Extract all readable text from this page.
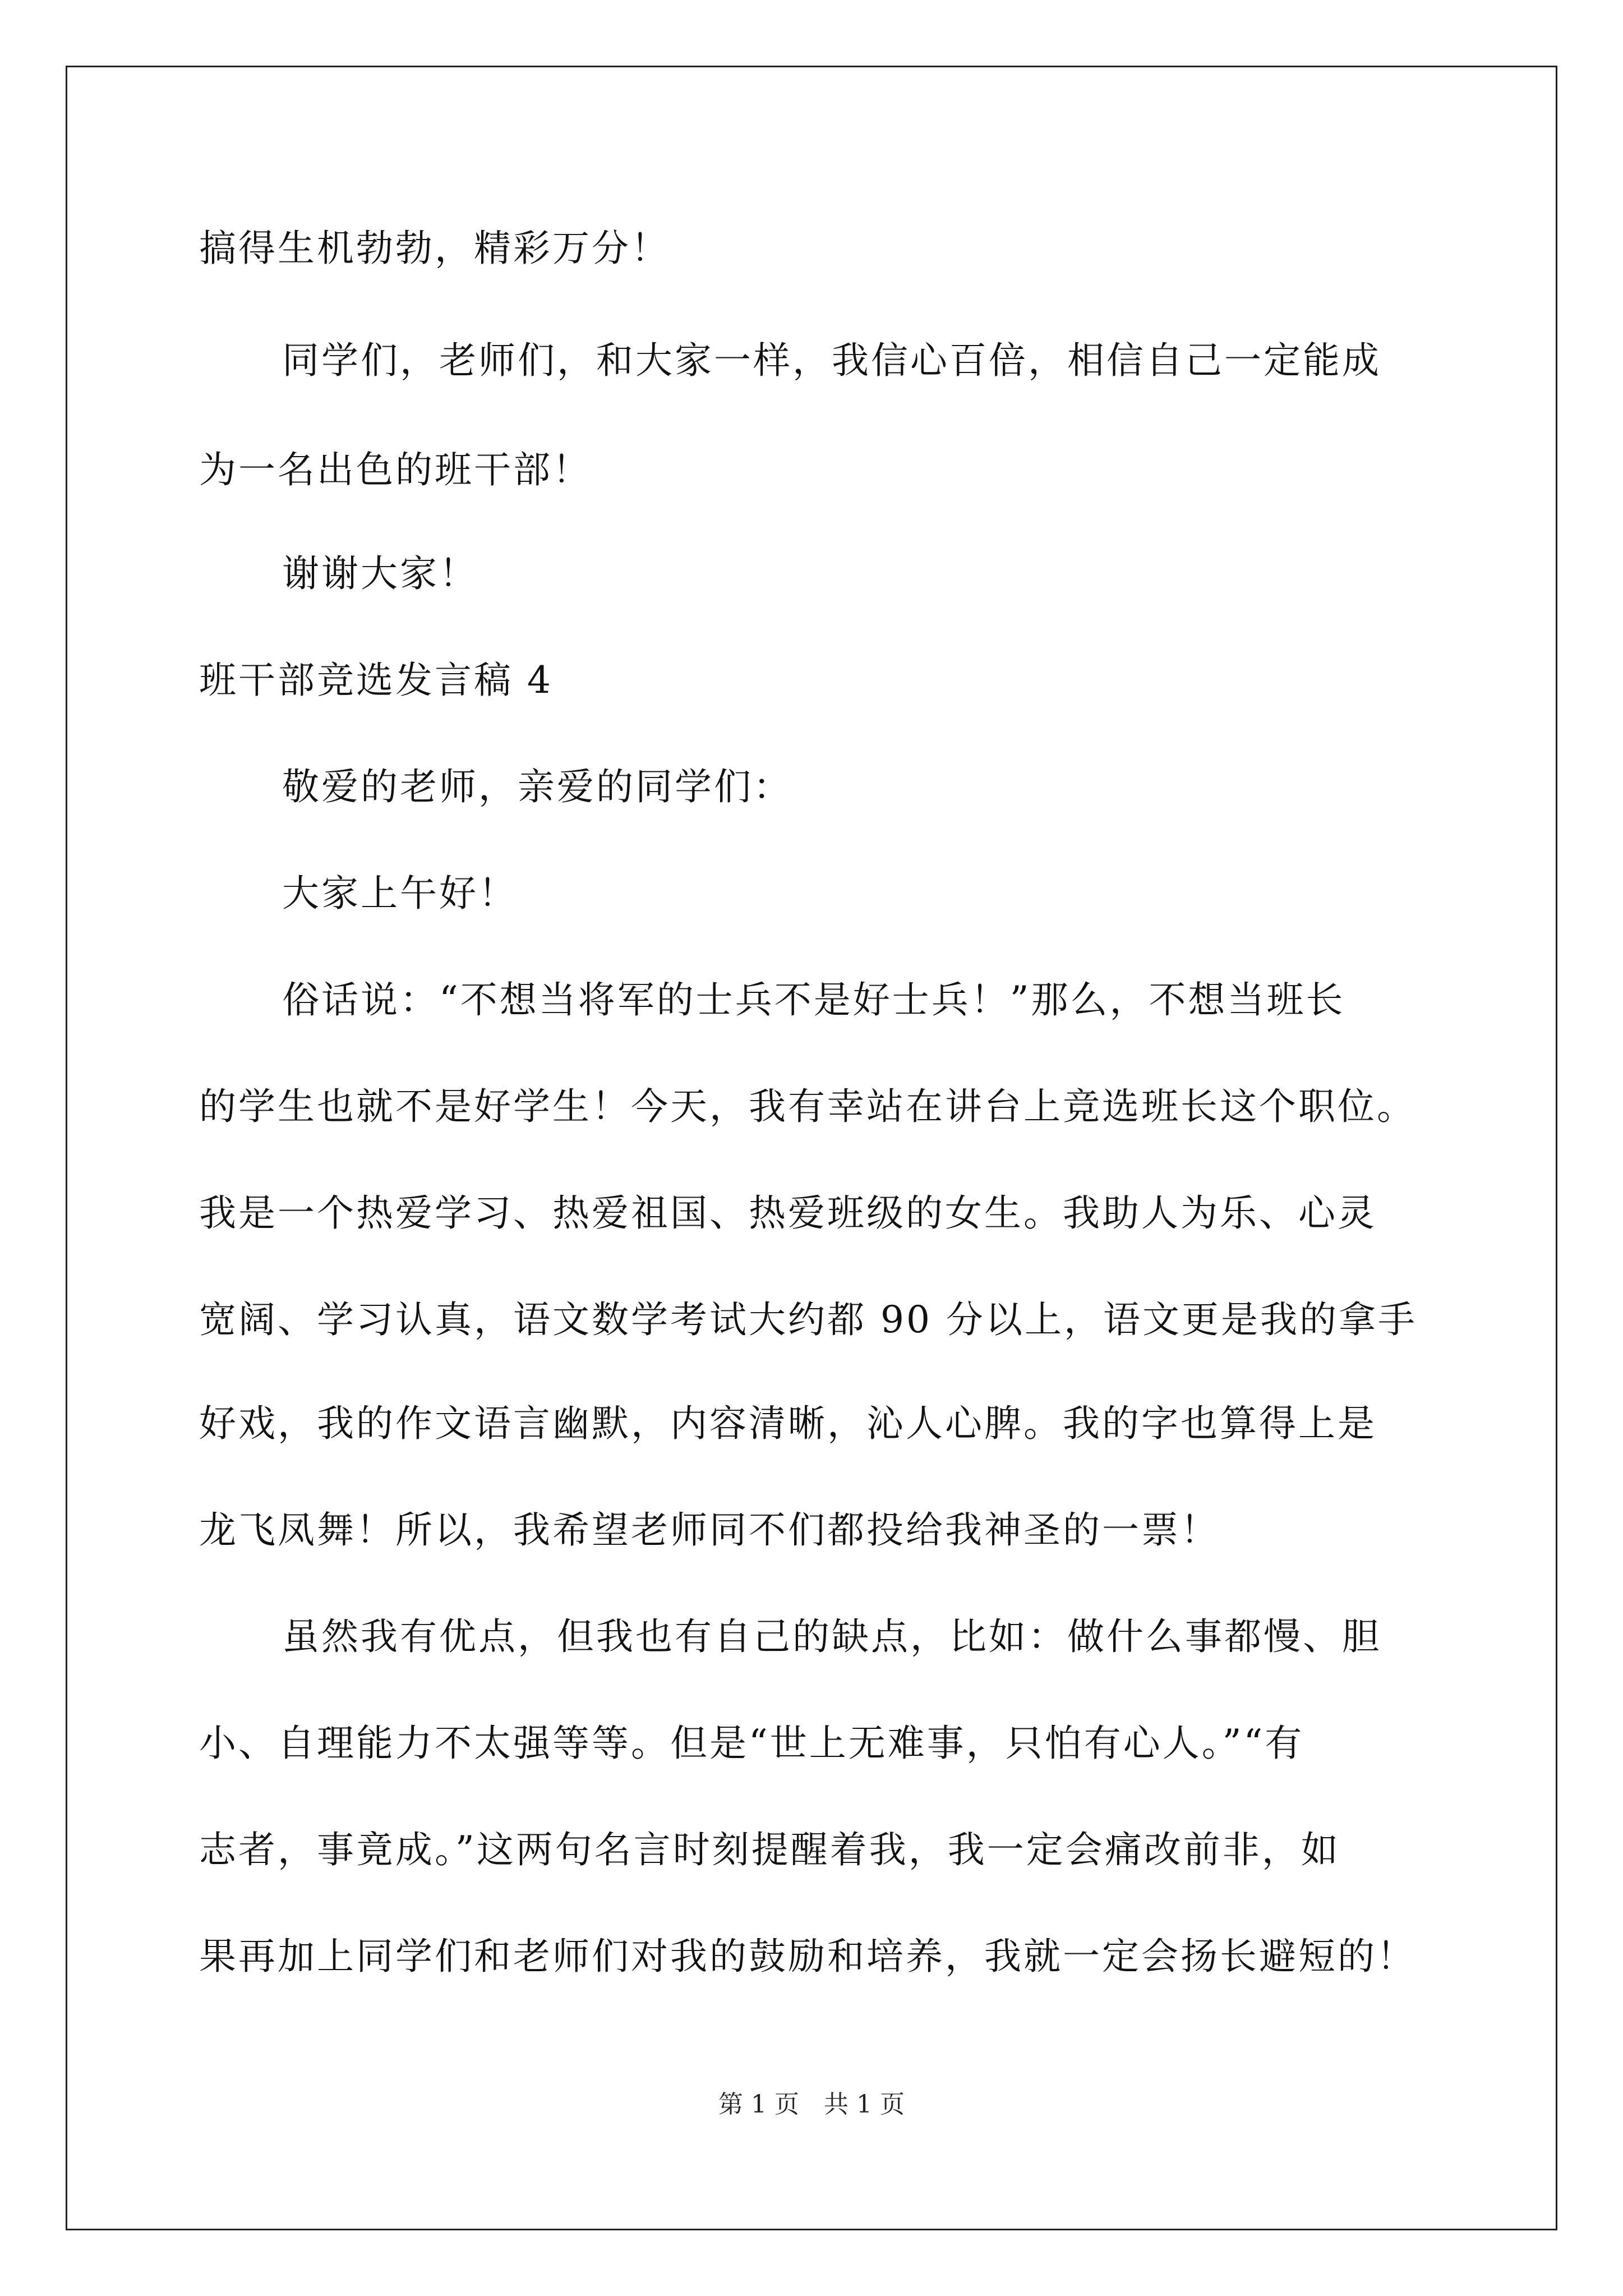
搞得生机勃勃，精彩万分！
同学们，老师们，和大家一样，我信心百倍，相信自己一定能成
为一名出色的班干部！
谢谢大家！
班干部竞选发言稿 4
敬爱的老师，亲爱的同学们：
大家上午好！
俗话说：“不想当将军的士兵不是好士兵！”那么，不想当班长
的学生也就不是好学生！今天，我有幸站在讲台上竞选班长这个职位。
我是一个热爱学习、热爱祖国、热爱班级的女生。我助人为乐、心灵
宽阔、学习认真，语文数学考试大约都 90 分以上，语文更是我的拿手
好戏，我的作文语言幽默，内容清晰，沁人心脾。我的字也算得上是
龙飞凤舞！所以，我希望老师同不们都投给我神圣的一票！
虽然我有优点，但我也有自己的缺点，比如：做什么事都慢、胆
小、自理能力不太强等等。但是“世上无难事，只怕有心人。”“有
志者，事竟成。”这两句名言时刻提醒着我，我一定会痛改前非，如
果再加上同学们和老师们对我的鼓励和培养，我就一定会扬长避短的！
第 1 页　共 1 页
